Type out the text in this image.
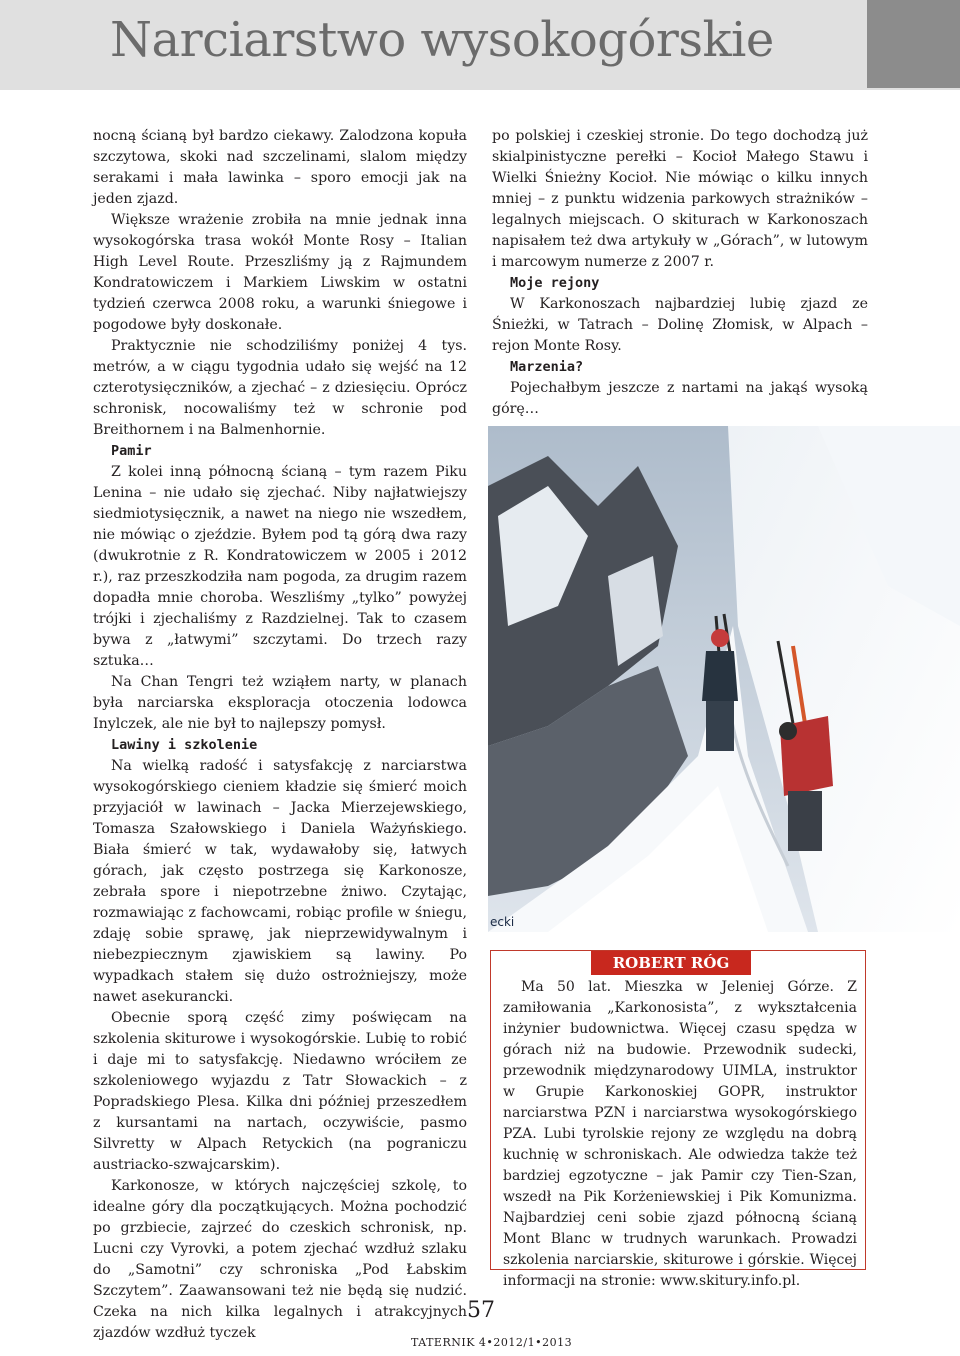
Narciarstwo wysokogórskie

nocną ścianą był bardzo ciekawy. Zalodzona kopuła szczytowa, skoki nad szczelinami, slalom między serakami i mała lawinka – sporo emocji jak na jeden zjazd.

Większe wrażenie zrobiła na mnie jednak inna wysokogórska trasa wokół Monte Rosy – Italian High Level Route. Przeszliśmy ją z Rajmundem Kondratowiczem i Markiem Liwskim w ostatni tydzień czerwca 2008 roku, a warunki śniegowe i pogodowe były doskonałe.

Praktycznie nie schodziliśmy poniżej 4 tys. metrów, a w ciągu tygodnia udało się wejść na 12 czterotysięczników, a zjechać – z dziesięciu. Oprócz schronisk, nocowaliśmy też w schronie pod Breithornem i na Balmenhornie.

Pamir

Z kolei inną północną ścianą – tym razem Piku Lenina – nie udało się zjechać. Niby najłatwiejszy siedmiotysięcznik, a nawet na niego nie wszedłem, nie mówiąc o zjeździe. Byłem pod tą górą dwa razy (dwukrotnie z R. Kondratowiczem w 2005 i 2012 r.), raz przeszkodziła nam pogoda, za drugim razem dopadła mnie choroba. Weszliśmy „tylko” powyżej trójki i zjechaliśmy z Razdzielnej. Tak to czasem bywa z „łatwymi” szczytami. Do trzech razy sztuka…

Na Chan Tengri też wziąłem narty, w planach była narciarska eksploracja otoczenia lodowca Inylczek, ale nie był to najlepszy pomysł.

Lawiny i szkolenie

Na wielką radość i satysfakcję z narciarstwa wysokogórskiego cieniem kładzie się śmierć moich przyjaciół w lawinach – Jacka Mierzejewskiego, Tomasza Szałowskiego i Daniela Ważyńskiego. Biała śmierć w tak, wydawałoby się, łatwych górach, jak często postrzega się Karkonosze, zebrała spore i niepotrzebne żniwo. Czytając, rozmawiając z fachowcami, robiąc profile w śniegu, zdaję sobie sprawę, jak nieprzewidywalnym i niebezpiecznym zjawiskiem są lawiny. Po wypadkach stałem się dużo ostrożniejszy, może nawet asekurancki.

Obecnie sporą część zimy poświęcam na szkolenia skiturowe i wysokogórskie. Lubię to robić i daje mi to satysfakcję. Niedawno wróciłem ze szkoleniowego wyjazdu z Tatr Słowackich – z Popradskiego Plesa. Kilka dni później przeszedłem z kursantami na nartach, oczywiście, pasmo Silvretty w Alpach Retyckich (na pograniczu austriacko-szwajcarskim).

Karkonosze, w których najczęściej szkolę, to idealne góry dla początkujących. Można pochodzić po grzbiecie, zajrzeć do czeskich schronisk, np. Lucni czy Vyrovki, a potem zjechać wzdłuż szlaku do „Samotni” czy schroniska „Pod Łabskim Szczytem”. Zaawansowani też nie będą się nudzić. Czeka na nich kilka legalnych i atrakcyjnych zjazdów wzdłuż tyczek

po polskiej i czeskiej stronie. Do tego dochodzą już skialpinistyczne perełki – Kocioł Małego Stawu i Wielki Śnieżny Kocioł. Nie mówiąc o kilku innych mniej – z punktu widzenia parkowych strażników – legalnych miejscach. O skiturach w Karkonoszach napisałem też dwa artykuły w „Górach”, w lutowym i marcowym numerze z 2007 r.

Moje rejony

W Karkonoszach najbardziej lubię zjazd ze Śnieżki, w Tatrach – Dolinę Złomisk, w Alpach – rejon Monte Rosy.

Marzenia?

Pojechałbym jeszcze z nartami na jakąś wysoką górę…

ecki
ROBERT RÓG
Ma 50 lat. Mieszka w Jeleniej Górze. Z zamiłowania „Karkonosista”, z wykształcenia inżynier budownictwa. Więcej czasu spędza w górach niż na budowie. Przewodnik sudecki, przewodnik międzynarodowy UIMLA, instruktor w Grupie Karkonoskiej GOPR, instruktor narciarstwa PZN i narciarstwa wysokogórskiego PZA. Lubi tyrolskie rejony ze względu na dobrą kuchnię w schroniskach. Ale odwiedza także też bardziej egzotyczne – jak Pamir czy Tien-Szan, wszedł na Pik Korżeniewskiej i Pik Komunizma. Najbardziej ceni sobie zjazd północną ścianą Mont Blanc w trudnych warunkach. Prowadzi szkolenia narciarskie, skiturowe i górskie. Więcej informacji na stronie: www.skitury.info.pl.
57
TATERNIK 4•2012/1•2013
